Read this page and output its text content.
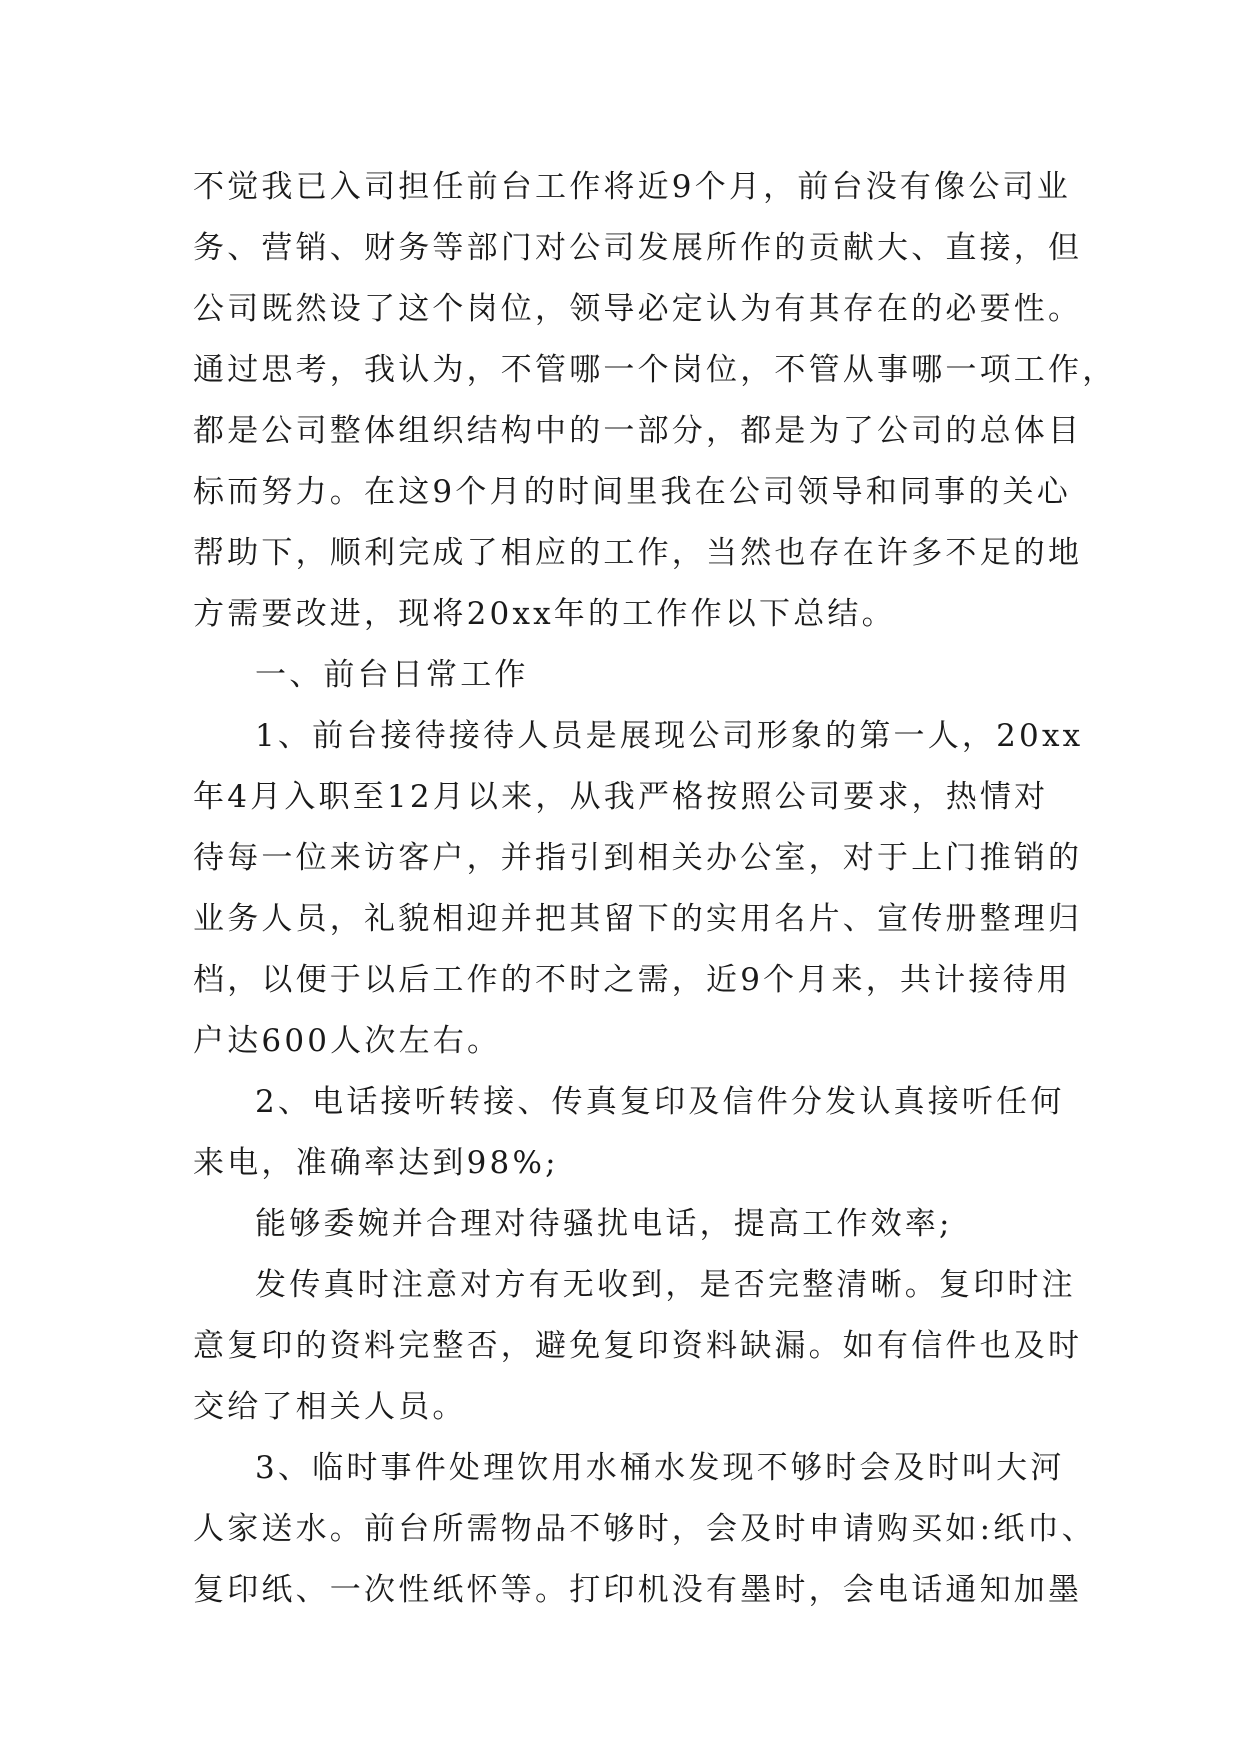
不觉我已入司担任前台工作将近9个月，前台没有像公司业
务、营销、财务等部门对公司发展所作的贡献大、直接，但
公司既然设了这个岗位，领导必定认为有其存在的必要性。
通过思考，我认为，不管哪一个岗位，不管从事哪一项工作，
都是公司整体组织结构中的一部分，都是为了公司的总体目
标而努力。在这9个月的时间里我在公司领导和同事的关心
帮助下，顺利完成了相应的工作，当然也存在许多不足的地
方需要改进，现将20xx年的工作作以下总结。
一、前台日常工作
1、前台接待接待人员是展现公司形象的第一人，20xx
年4月入职至12月以来，从我严格按照公司要求，热情对
待每一位来访客户，并指引到相关办公室，对于上门推销的
业务人员，礼貌相迎并把其留下的实用名片、宣传册整理归
档，以便于以后工作的不时之需，近9个月来，共计接待用
户达600人次左右。
2、电话接听转接、传真复印及信件分发认真接听任何
来电，准确率达到98%;
能够委婉并合理对待骚扰电话，提高工作效率;
发传真时注意对方有无收到，是否完整清晰。复印时注
意复印的资料完整否，避免复印资料缺漏。如有信件也及时
交给了相关人员。
3、临时事件处理饮用水桶水发现不够时会及时叫大河
人家送水。前台所需物品不够时，会及时申请购买如:纸巾、
复印纸、一次性纸怀等。打印机没有墨时，会电话通知加墨
